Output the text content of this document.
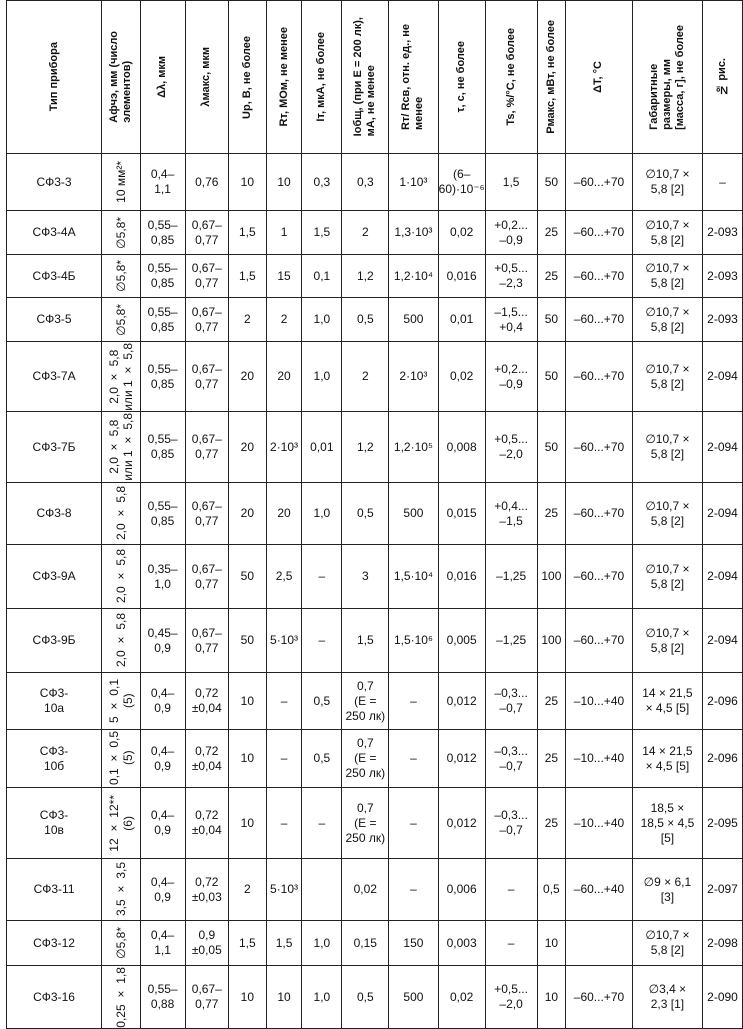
Тип прибора	Aфчэ, мм (число
элементов)	Δλ, мкм	λмакс, мкм	Uр, В, не более	Rт, МОм, не менее	Iт, мкА, не более	Iобщ, (при E = 200 лк),
мА, не менее	Rт/ Rсв, отн. ед., не
менее	τ, с, не более	Ts, %/°C, не более	Pмакс, мВт, не более	ΔT, °C	Габаритные
размеры, мм
[масса, г], не более	№ рис.

СФ3-3	10 мм²*	0,4–
1,1	0,76	10	10	0,3	0,3	1·10³	(6–
60)·10⁻⁶	1,5	50	–60...+70	∅10,7 ×
5,8 [2]	–
СФ3-4А	∅5,8*	0,55–
0,85	0,67–
0,77	1,5	1	1,5	2	1,3·10³	0,02	+0,2...
–0,9	25	–60...+70	∅10,7 ×
5,8 [2]	2-093
СФ3-4Б	∅5,8*	0,55–
0,85	0,67–
0,77	1,5	15	0,1	1,2	1,2·10⁴	0,016	+0,5...
–2,3	25	–60...+70	∅10,7 ×
5,8 [2]	2-093
СФ3-5	∅5,8*	0,55–
0,85	0,67–
0,77	2	2	1,0	0,5	500	0,01	–1,5...
+0,4	50	–60...+70	∅10,7 ×
5,8 [2]	2-093
СФ3-7А	2,0 × 5,8
или 1 × 5,8	0,55–
0,85	0,67–
0,77	20	20	1,0	2	2·10³	0,02	+0,2...
–0,9	50	–60...+70	∅10,7 ×
5,8 [2]	2-094
СФ3-7Б	2,0 × 5,8
или 1 × 5,8	0,55–
0,85	0,67–
0,77	20	2·10³	0,01	1,2	1,2·10⁵	0,008	+0,5...
–2,0	50	–60...+70	∅10,7 ×
5,8 [2]	2-094
СФ3-8	2,0 × 5,8	0,55–
0,85	0,67–
0,77	20	20	1,0	0,5	500	0,015	+0,4...
–1,5	25	–60...+70	∅10,7 ×
5,8 [2]	2-094
СФ3-9А	2,0 × 5,8	0,35–
1,0	0,67–
0,77	50	2,5	–	3	1,5·10⁴	0,016	–1,25	100	–60...+70	∅10,7 ×
5,8 [2]	2-094
СФ3-9Б	2,0 × 5,8	0,45–
0,9	0,67–
0,77	50	5·10³	–	1,5	1,5·10⁶	0,005	–1,25	100	–60...+70	∅10,7 ×
5,8 [2]	2-094
СФ3-
10а	5 × 0,1
(5)	0,4–
0,9	0,72
±0,04	10	–	0,5	0,7
(E =
250 лк)	–	0,012	–0,3...
–0,7	25	–10...+40	14 × 21,5
× 4,5 [5]	2-096
СФ3-
10б	0,1 × 0,5
(5)	0,4–
0,9	0,72
±0,04	10	–	0,5	0,7
(E =
250 лк)	–	0,012	–0,3...
–0,7	25	–10...+40	14 × 21,5
× 4,5 [5]	2-096
СФ3-
10в	12 × 12**
(6)	0,4–
0,9	0,72
±0,04	10	–	–	0,7
(E =
250 лк)	–	0,012	–0,3...
–0,7	25	–10...+40	18,5 ×
18,5 × 4,5
[5]	2-095
СФ3-11	3,5 × 3,5	0,4–
0,9	0,72
±0,03	2	5·10³		0,02	–	0,006	–	0,5	–60...+40	∅9 × 6,1
[3]	2-097
СФ3-12	∅5,8*	0,4–
1,1	0,9
±0,05	1,5	1,5	1,0	0,15	150	0,003	–	10		∅10,7 ×
5,8 [2]	2-098
СФ3-16	0,25 × 1,8	0,55–
0,88	0,67–
0,77	10	10	1,0	0,5	500	0,02	+0,5...
–2,0	10	–60...+70	∅3,4 ×
2,3 [1]	2-090
